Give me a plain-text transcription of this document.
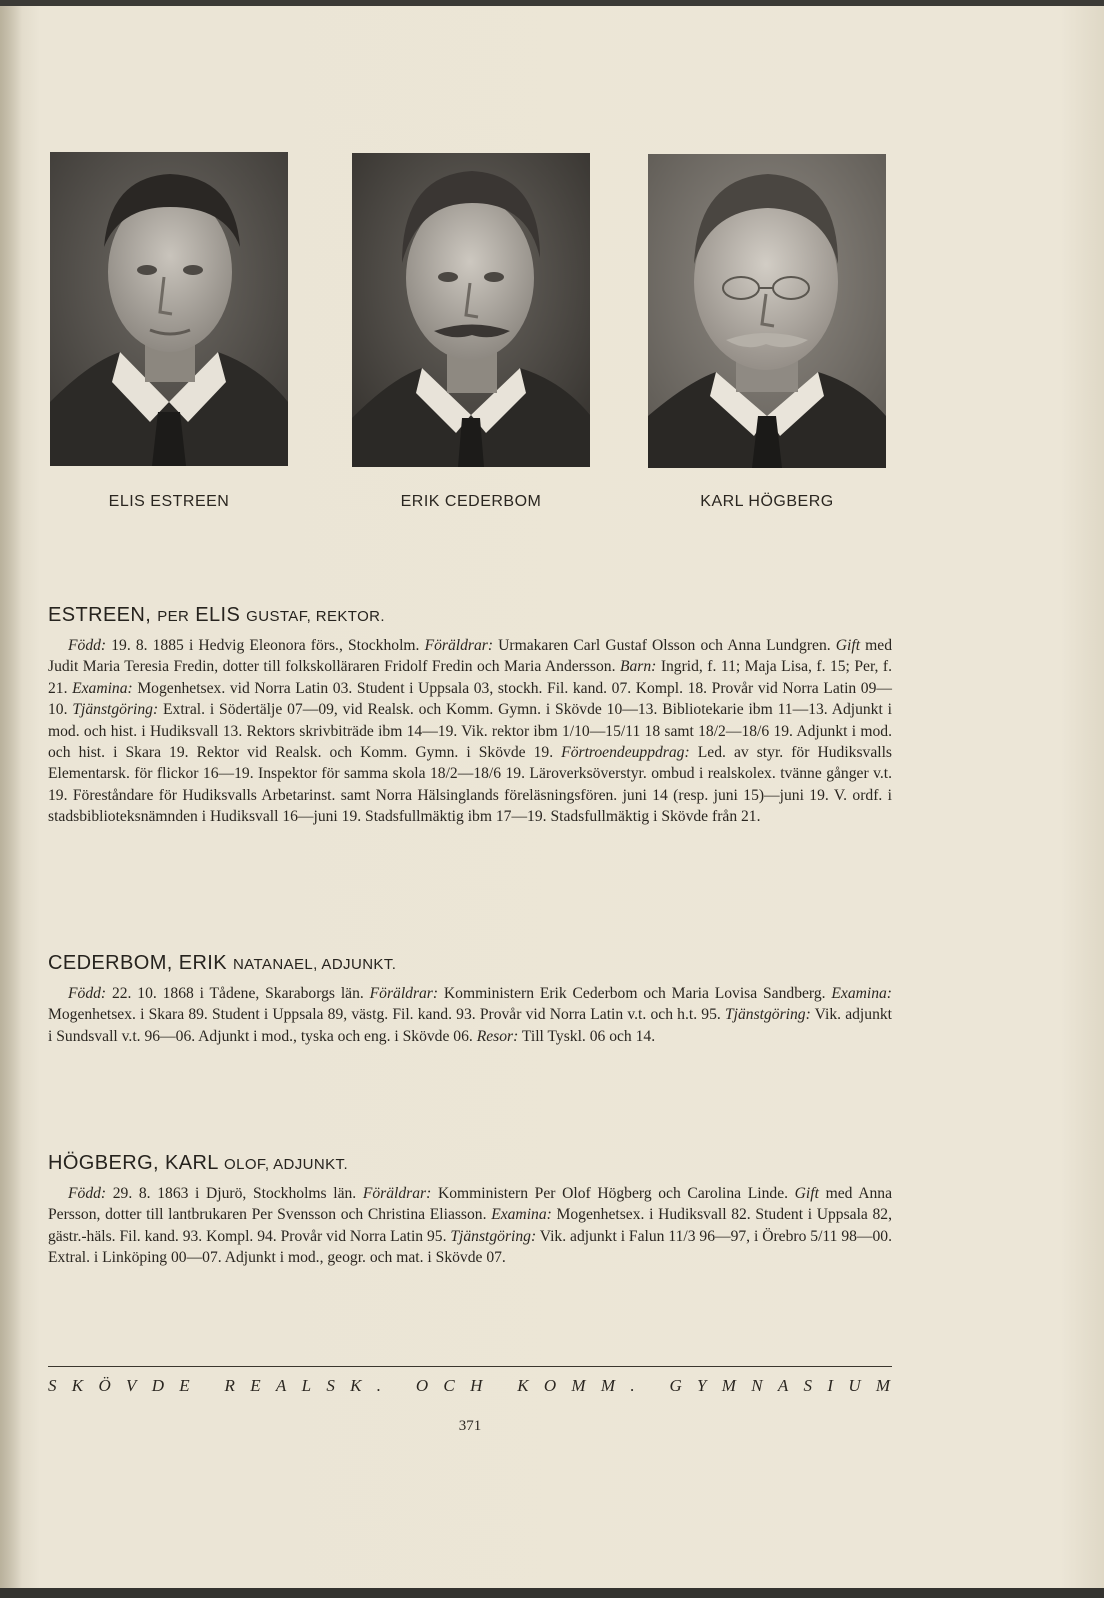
ELIS ESTREEN	ERIK CEDERBOM	KARL HÖGBERG
ESTREEN, PER ELIS GUSTAF, REKTOR.

Född: 19. 8. 1885 i Hedvig Eleonora förs., Stockholm. Föräldrar: Urmakaren Carl Gustaf Olsson och Anna Lundgren. Gift med Judit Maria Teresia Fredin, dotter till folkskolläraren Fridolf Fredin och Maria Andersson. Barn: Ingrid, f. 11; Maja Lisa, f. 15; Per, f. 21. Examina: Mogenhetsex. vid Norra Latin 03. Student i Uppsala 03, stockh. Fil. kand. 07. Kompl. 18. Provår vid Norra Latin 09—10. Tjänstgöring: Extral. i Södertälje 07—09, vid Realsk. och Komm. Gymn. i Skövde 10—13. Bibliotekarie ibm 11—13. Adjunkt i mod. och hist. i Hudiksvall 13. Rektors skrivbiträde ibm 14—19. Vik. rektor ibm 1/10—15/11 18 samt 18/2—18/6 19. Adjunkt i mod. och hist. i Skara 19. Rektor vid Realsk. och Komm. Gymn. i Skövde 19. Förtroendeuppdrag: Led. av styr. för Hudiksvalls Elementarsk. för flickor 16—19. Inspektor för samma skola 18/2—18/6 19. Läroverksöverstyr. ombud i realskolex. tvänne gånger v.t. 19. Föreståndare för Hudiksvalls Arbetarinst. samt Norra Hälsinglands föreläsningsfören. juni 14 (resp. juni 15)—juni 19. V. ordf. i stadsbiblioteksnämnden i Hudiksvall 16—juni 19. Stadsfullmäktig ibm 17—19. Stadsfullmäktig i Skövde från 21.

CEDERBOM, ERIK NATANAEL, ADJUNKT.

Född: 22. 10. 1868 i Tådene, Skaraborgs län. Föräldrar: Komministern Erik Cederbom och Maria Lovisa Sandberg. Examina: Mogenhetsex. i Skara 89. Student i Uppsala 89, västg. Fil. kand. 93. Provår vid Norra Latin v.t. och h.t. 95. Tjänstgöring: Vik. adjunkt i Sundsvall v.t. 96—06. Adjunkt i mod., tyska och eng. i Skövde 06. Resor: Till Tyskl. 06 och 14.

HÖGBERG, KARL OLOF, ADJUNKT.

Född: 29. 8. 1863 i Djurö, Stockholms län. Föräldrar: Komministern Per Olof Högberg och Carolina Linde. Gift med Anna Persson, dotter till lantbrukaren Per Svensson och Christina Eliasson. Examina: Mogenhetsex. i Hudiksvall 82. Student i Uppsala 82, gästr.-häls. Fil. kand. 93. Kompl. 94. Provår vid Norra Latin 95. Tjänstgöring: Vik. adjunkt i Falun 11/3 96—97, i Örebro 5/11 98—00. Extral. i Linköping 00—07. Adjunkt i mod., geogr. och mat. i Skövde 07.

SKÖVDE REALSK. OCH KOMM. GYMNASIUM
371
